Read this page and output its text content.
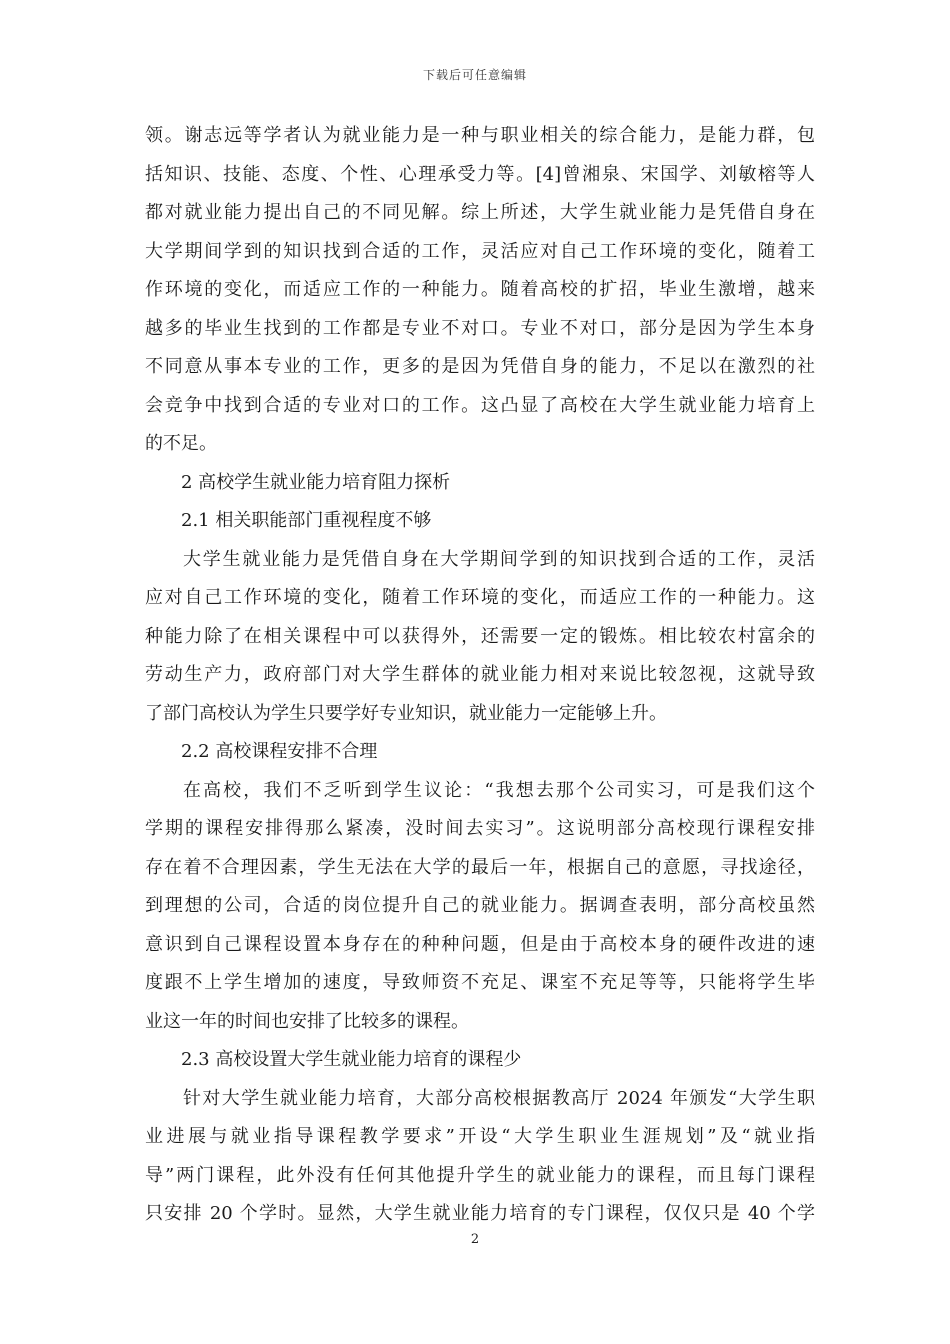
下载后可任意编辑
领。谢志远等学者认为就业能力是一种与职业相关的综合能力，是能力群，包
括知识、技能、态度、个性、心理承受力等。[4]曾湘泉、宋国学、刘敏榕等人
都对就业能力提出自己的不同见解。综上所述，大学生就业能力是凭借自身在
大学期间学到的知识找到合适的工作，灵活应对自己工作环境的变化，随着工
作环境的变化，而适应工作的一种能力。随着高校的扩招，毕业生激增，越来
越多的毕业生找到的工作都是专业不对口。专业不对口，部分是因为学生本身
不同意从事本专业的工作，更多的是因为凭借自身的能力，不足以在激烈的社
会竞争中找到合适的专业对口的工作。这凸显了高校在大学生就业能力培育上
的不足。
2 高校学生就业能力培育阻力探析
2.1 相关职能部门重视程度不够
大学生就业能力是凭借自身在大学期间学到的知识找到合适的工作，灵活
应对自己工作环境的变化，随着工作环境的变化，而适应工作的一种能力。这
种能力除了在相关课程中可以获得外，还需要一定的锻炼。相比较农村富余的
劳动生产力，政府部门对大学生群体的就业能力相对来说比较忽视，这就导致
了部门高校认为学生只要学好专业知识，就业能力一定能够上升。
2.2 高校课程安排不合理
在高校，我们不乏听到学生议论：“我想去那个公司实习，可是我们这个
学期的课程安排得那么紧凑，没时间去实习”。这说明部分高校现行课程安排
存在着不合理因素，学生无法在大学的最后一年，根据自己的意愿，寻找途径，
到理想的公司，合适的岗位提升自己的就业能力。据调查表明，部分高校虽然
意识到自己课程设置本身存在的种种问题，但是由于高校本身的硬件改进的速
度跟不上学生增加的速度，导致师资不充足、课室不充足等等，只能将学生毕
业这一年的时间也安排了比较多的课程。
2.3 高校设置大学生就业能力培育的课程少
针对大学生就业能力培育，大部分高校根据教高厅 2024 年颁发“大学生职
业进展与就业指导课程教学要求”开设“大学生职业生涯规划”及“就业指
导”两门课程，此外没有任何其他提升学生的就业能力的课程，而且每门课程
只安排 20 个学时。显然，大学生就业能力培育的专门课程，仅仅只是 40 个学
2
